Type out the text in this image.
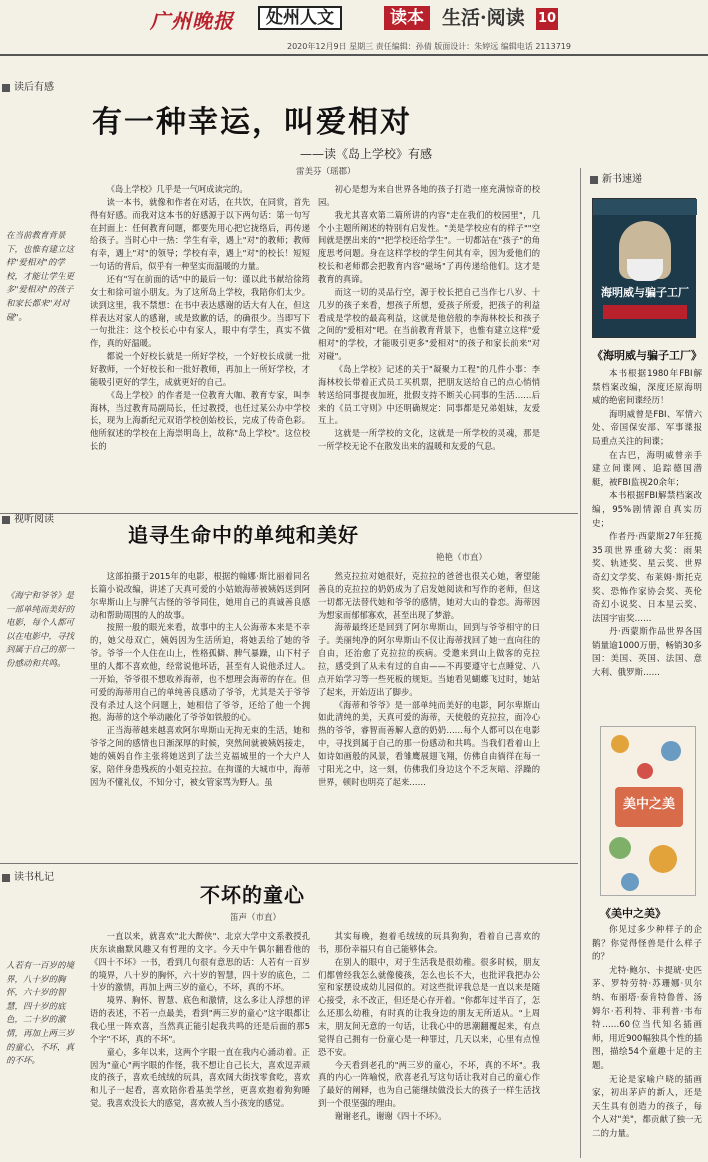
广州晚报	处州人文	读本 生活·阅读 10
2020年12月9日 星期三 责任编辑：孙倩 版面设计：朱婷远 编辑电话 2113719
读后有感
在当前教育背景下，也惟有建立这样"爱相对"的学校，才能让学生更多"爱相对"的孩子和家长都来"对对碰"。
有一种幸运，叫爱相对
——读《岛上学校》有感
雷美芬（瑶郡）

《岛上学校》几乎是一气呵成读完的。

读一本书，就像和作者在对话，在共饮，在同赏，首先得有好感。而我对这本书的好感源于以下两句话：第一句写在封面上：任何教育问题，都要先用心把它拢络后，再传递给孩子。当时心中一热：学生有幸，遇上"对"的教师；教师有幸，遇上"对"的领导；学校有幸，遇上"对"的校长！短短一句话的背后，似乎有一种坚实而温暖的力量。

还有"写在前面的话"中的最后一句：谨以此书献给徐筠女士和徐可谊小朋友。为了这所岛上学校，我陪你们太少。读到这里，我不禁想：在书中表达感谢的话大有人在，但这样表达对家人的感谢，或是致歉的话，的确很少。当即写下一句批注：这个校长心中有家人，眼中有学生，真实不做作，真的好温暖。

都说一个好校长就是一所好学校，一个好校长成就一批好教师，一个好校长和一批好教师，再加上一所好学校，才能吸引更好的学生，成就更好的自己。

《岛上学校》的作者是一位教育大咖、教育专家，叫李海林，当过教育局副局长，任过教授，也任过某公办中学校长，现为上海新纪元双语学校创始校长，完成了传奇色彩。他所叙述的学校在上海崇明岛上，故称"岛上学校"。这位校长的

初心是想为来自世界各地的孩子打造一座充满惊奇的校园。

我尤其喜欢第二篇所讲的内容"走在我们的校园里"，几个小主题所阐述的特别有启发性。"美是学校应有的样子""空间就是摆出来的""把学校还给学生"。一切都站在"孩子"的角度思考问题。身在这样学校的学生何其有幸，因为爱他们的校长和老师都会把教育内容"磁场"了再传递给他们。这才是教育的真谛。

而这一切的灵品行空，源于校长把自己当作七八岁、十几岁的孩子来看，想孩子所想，爱孩子所爱，把孩子的利益看成是学校的最高利益，这就是他倍般的李海林校长和孩子之间的"爱相对"吧。在当前教育背景下，也惟有建立这样"爱相对"的学校，才能吸引更多"爱相对"的孩子和家长前来"对对碰"。

《岛上学校》记述的关于"凝聚力工程"的几件小事：李海林校长带着正式员工买机票，把朋友送给自己的点心悄悄转送给同事提夜加班，批假支持不断关心同事的生活……后来的《员工守则》中还明确规定：同事都是兄弟姐妹，友爱互上。

这就是一所学校的文化，这就是一所学校的灵魂，那是一所学校无论不在散发出来的温暖和友爱的气息。

视听阅读
《海宁和爷爷》是一部单纯而美好的电影，每个人都可以在电影中，寻找到属于自己的那一份感动和共鸣。
追寻生命中的单纯和美好
艳艳（市直）

这部拍摄于2015年的电影，根据约翰娜·斯比丽着同名长篇小说改编，讲述了天真可爱的小姑娘海蒂被姨妈送到阿尔卑斯山上与脾气古怪的爷爷同住，她用自己的真诚善良感动和帮助周围的人的故事。

按照一般的眼光来看，故事中的主人公海蒂本来是不幸的，她父母双亡，姨妈因为生活所迫，将她丢给了她的爷爷。爷爷一个人住在山上，性格孤僻、脾气暴躁，山下村子里的人都不喜欢他，经常说他坏话，甚至有人说他杀过人。一开始，爷爷很不想收养海蒂，也不想理会海蒂的存在。但可爱的海蒂用自己的单纯善良感动了爷爷，尤其是关于爷爷没有杀过人这个问题上，她相信了爷爷，还给了他一个拥抱。海蒂的这个举动融化了爷爷如铁般的心。

正当海蒂越来越喜欢阿尔卑斯山无拘无束的生活，她和爷爷之间的感情也日渐深厚的时候，突然间就被姨妈接走，她的姨妈自作主张将她送到了法兰克福城里的一个大户人家，陪伴身患残疾的小姐克拉拉。在拘谨的大城市中，海蒂因为不懂礼仪，不知分寸，被女管家骂为野人。虽

然克拉拉对她很好，克拉拉的爸爸也很关心她，奢望能善良的克拉拉的奶奶成为了启发她阅读和写作的老师，但这一切都无法替代她和爷爷的感情，她对大山的眷恋。海蒂因为想家而郁郁寡欢，甚至出现了梦游。

海蒂最终还是回到了阿尔卑斯山，回到与爷爷相守的日子。美丽纯净的阿尔卑斯山不仅让海蒂找回了她一直向往的自由，还治愈了克拉拉的疾病。受邀来到山上做客的克拉拉，感受到了从未有过的自由——不再要遵守七点睡觉、八点开始学习等一些死板的规矩。当她看见蝴蝶飞过时，她站了起来，开始迈出了脚步。

《海蒂和爷爷》是一部单纯而美好的电影，阿尔卑斯山如此清纯的美，天真可爱的海蒂，天使般的克拉拉，面冷心热的爷爷，睿智而善解人意的奶奶……每个人都可以在电影中，寻找到属于自己的那一份感动和共鸣。当我们看着山上如诗如画般的风景，看雏鹰展翅飞翔，仿佛自由徜徉在每一寸阳光之中，这一刻，仿佛我们身边这个不乏灰暗、浮躁的世界，顿时也明亮了起来……

读书札记
人若有一百岁的境界，八十岁的胸怀，六十岁的智慧，四十岁的底色，二十岁的激情，再加上两三岁的童心，不坏，真的不坏。
不坏的童心
笛声（市直）

一直以来，就喜欢"北大醉侠"、北京大学中文系教授孔庆东读幽默风趣又有哲理的文字。今天中午偶尔翻看他的《四十不坏》一书，看到几句很有意思的话：人若有一百岁的境界，八十岁的胸怀，六十岁的智慧，四十岁的底色，二十岁的激情，再加上两三岁的童心，不坏，真的不坏。

境界、胸怀、智慧、底色和激情，这么多让人浮想的评语的表述，不若一点最美，看到"两三岁的童心"这字眼都让我心里一阵欢喜，当然真正能引起我共鸣的还是后面的那5个字"不坏，真的不坏"。

童心，多年以来，这两个字眼一直在我内心涌动着。正因为"童心"两字眼的作怪，我不想让自己长大，喜欢逗弄顽皮的孩子，喜欢毛绒绒的玩具，喜欢阔大街找零食吃，喜欢和儿子一起看，喜欢陪你看基美学丝，更喜欢抱着狗狗睡觉。我喜欢没长大的感觉，喜欢被人当小孩宠的感觉。

其实每晚，抱着毛绒绒的玩具狗狗，看着自己喜欢的书，那份幸福只有自己能够体会。

在别人的眼中，对于生活我是很幼稚。很多时候，朋友们都曾经我怎么就像傻孩，怎么也长不大，也批评我把办公室和家摆设成幼儿园似的。对这些批评我总是一直以来是随心接受，永不改正，但还是心存开着。"你都年过半百了，怎么还那么幼稚，有时真的让我身边的朋友无所适从。"上周末，朋友间无意的一句话，让我心中的思潮翻覆起来，有点觉得自己拥有一份童心是一种罪过，几天以来，心里有点惶恐不安。

今天看到老孔的"两三岁的童心，不坏，真的不坏"。我真的内心一阵喻悦，欣喜老孔写这句话让我对自己的童心作了最好的阐释，也为自己能继续做没长大的孩子一样生活找到一个很坚强的理由。

谢谢老孔，谢谢《四十不坏》。

新书速递
海明威与骗子工厂
《海明威与骗子工厂》

本书根据1980年FBI解禁档案改编，深度还原海明威的绝密间谍经历！

海明威曾是FBI、军情六处、帝国保安部、军事谍报局重点关注的间谍；

在古巴，海明威曾亲手建立间谍网、追踪德国潜艇，被FBI监视20余年；

本书根据FBI解禁档案改编，95%剧情源自真实历史；

作者丹·西蒙斯27年狂揽35项世界重磅大奖：雨果奖、轨迹奖、星云奖、世界奇幻文学奖、布莱姆·斯托克奖、恐怖作家协会奖、英伦奇幻小说奖、日本星云奖、法国宇宙奖……

丹·西蒙斯作品世界各国销量逾1000万册，畅销30多国：美国、英国、法国、意大利、俄罗斯……

美中之美
《美中之美》

你见过多少种样子的企鹅？你觉得怪兽是什么样子的？

尤特·鲍尔、卡提琥·史匹茅、罗特劳特·苏珊娜·贝尔纳、布丽塔·泰肯特鲁普、汤姆尔·若利特、菲利普·韦布特……60位当代知名插画师，用近900幅独具个性的插图，描绘54个童趣十足的主题。

无论是家喻户晓的插画家，初出茅庐的新人，还是天生具有创造力的孩子，每个人对"美"，都贡献了独一无二的力量。
